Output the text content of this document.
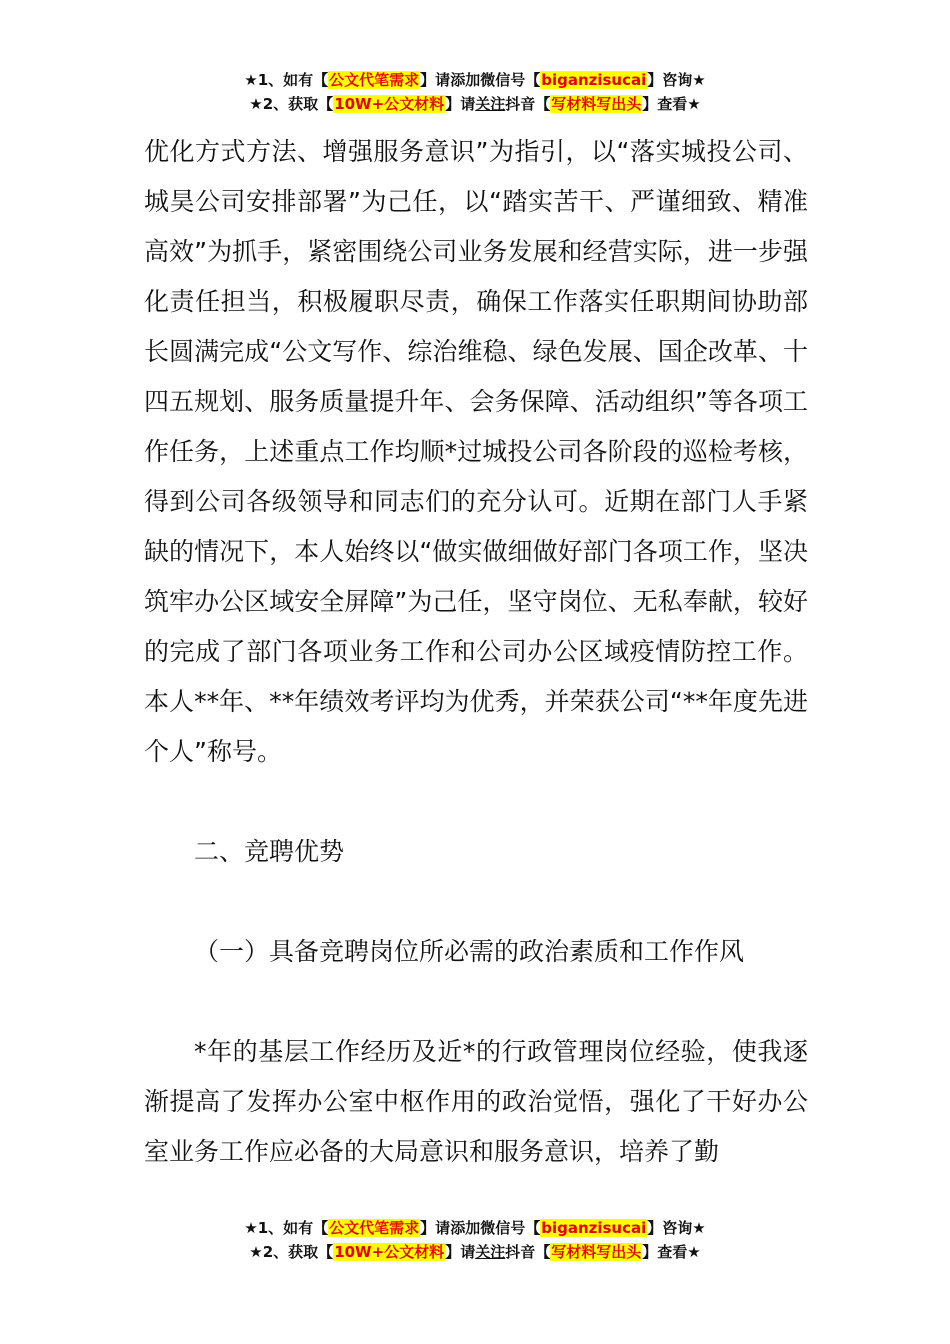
★1、如有【公文代笔需求】请添加微信号【biganzisucai】咨询★
★2、获取【10W+公文材料】请关注抖音【写材料写出头】查看★

优化方式方法、增强服务意识”为指引，以“落实城投公司、城昊公司安排部署”为己任，以“踏实苦干、严谨细致、精准高效”为抓手，紧密围绕公司业务发展和经营实际，进一步强化责任担当，积极履职尽责，确保工作落实任职期间协助部长圆满完成“公文写作、综治维稳、绿色发展、国企改革、十四五规划、服务质量提升年、会务保障、活动组织”等各项工作任务，上述重点工作均顺*过城投公司各阶段的巡检考核，得到公司各级领导和同志们的充分认可。近期在部门人手紧缺的情况下，本人始终以“做实做细做好部门各项工作，坚决筑牢办公区域安全屏障”为己任，坚守岗位、无私奉献，较好的完成了部门各项业务工作和公司办公区域疫情防控工作。本人**年、**年绩效考评均为优秀，并荣获公司“**年度先进个人”称号。

二、竞聘优势

（一）具备竞聘岗位所必需的政治素质和工作作风

*年的基层工作经历及近*的行政管理岗位经验，使我逐渐提高了发挥办公室中枢作用的政治觉悟，强化了干好办公室业务工作应必备的大局意识和服务意识，培养了勤

★1、如有【公文代笔需求】请添加微信号【biganzisucai】咨询★
★2、获取【10W+公文材料】请关注抖音【写材料写出头】查看★
